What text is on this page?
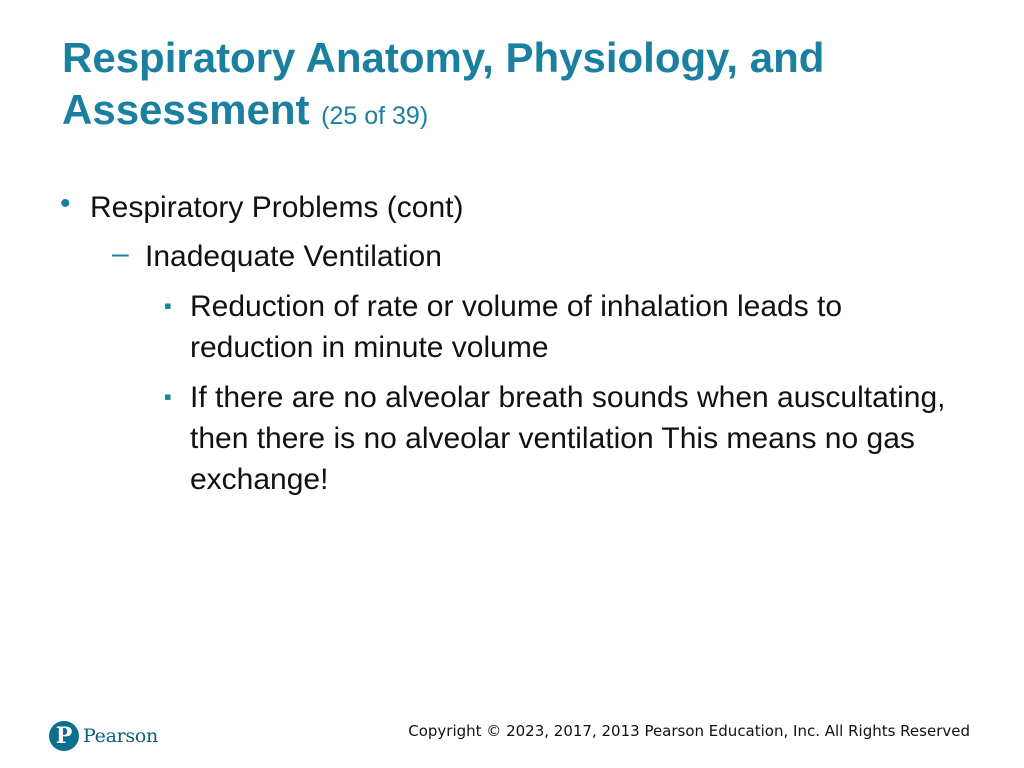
Respiratory Anatomy, Physiology, and Assessment (25 of 39)
• Respiratory Problems (cont)
– Inadequate Ventilation
▪ Reduction of rate or volume of inhalation leads to reduction in minute volume
▪ If there are no alveolar breath sounds when auscultating, then there is no alveolar ventilation This means no gas exchange!
P Pearson	Copyright © 2023, 2017, 2013 Pearson Education, Inc. All Rights Reserved
